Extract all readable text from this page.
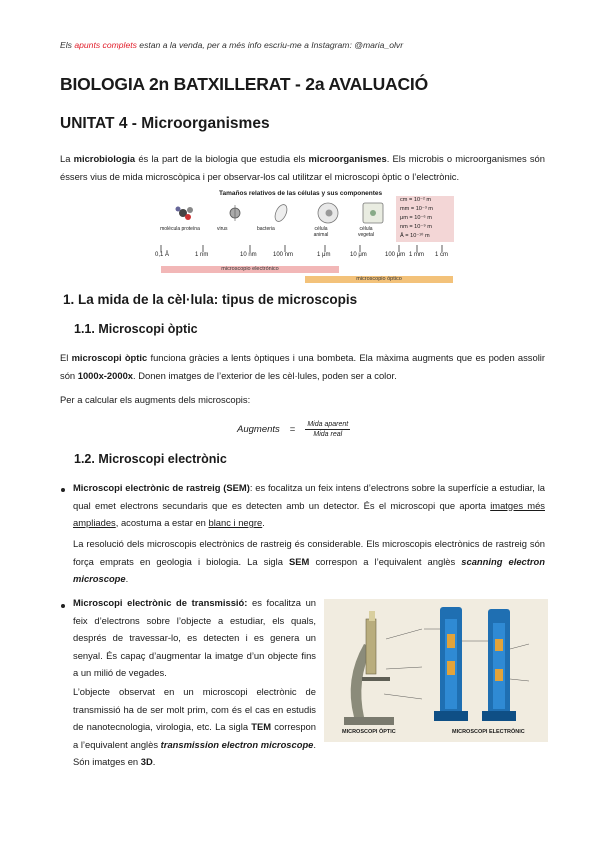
Els apunts complets estan a la venda, per a més info escriu-me a Instagram: @maria_olvr
BIOLOGIA 2n BATXILLERAT - 2a AVALUACIÓ
UNITAT 4 - Microorganismes
La microbiologia és la part de la biologia que estudia els microorganismes. Els microbis o microorganismes són éssers vius de mida microscòpica i per observar-los cal utilitzar el microscopi òptic o l’electrònic.
Tamaños relativos de las células y sus componentes
molécula proteína	virus	bacteria	célula animal
célula vegetal
cm = 10⁻² m
mm = 10⁻³ m
μm = 10⁻⁶ m
nm = 10⁻⁹ m
Å = 10⁻¹⁰ m
0,1 Å	1 nm	10 nm	100 nm	1 μm	10 μm	100 μm 1 mm 1 cm
microscopio electrónico
microscopio óptico
1. La mida de la cèl·lula: tipus de microscopis
1.1. Microscopi òptic
El microscopi òptic funciona gràcies a lents òptiques i una bombeta. Ela màxima augments que es poden assolir són 1000x-2000x. Donen imatges de l’exterior de les cèl·lules, poden ser a color.
Per a calcular els augments dels microscopis:
Augments = $\frac{\text{Mida aparent}}{\text{Mida real}}$
1.2. Microscopi electrònic
Microscopi electrònic de rastreig (SEM): es focalitza un feix intens d’electrons sobre la superfície a estudiar, la qual emet electrons secundaris que es detecten amb un detector. És el microscopi que aporta imatges més ampliades, acostuma a estar en blanc i negre.
La resolució dels microscopis electrònics de rastreig és considerable. Els microscopis electrònics de rastreig són força emprats en geologia i biologia. La sigla SEM correspon a l’equivalent anglès scanning electron microscope.
Microscopi electrònic de transmissió: es focalitza un feix d’electrons sobre l’objecte a estudiar, els quals, després de travessar-lo, es detecten i es genera un senyal. És capaç d’augmentar la imatge d’un objecte fins a un milió de vegades.
L’objecte observat en un microscopi electrònic de transmissió ha de ser molt prim, com és el cas en estudis de nanotecnologia, virologia, etc. La sigla TEM correspon a l’equivalent anglès transmission electron microscope. Són imatges en 3D.
MICROSCOPI ÒPTIC	MICROSCOPI ELECTRÒNIC
